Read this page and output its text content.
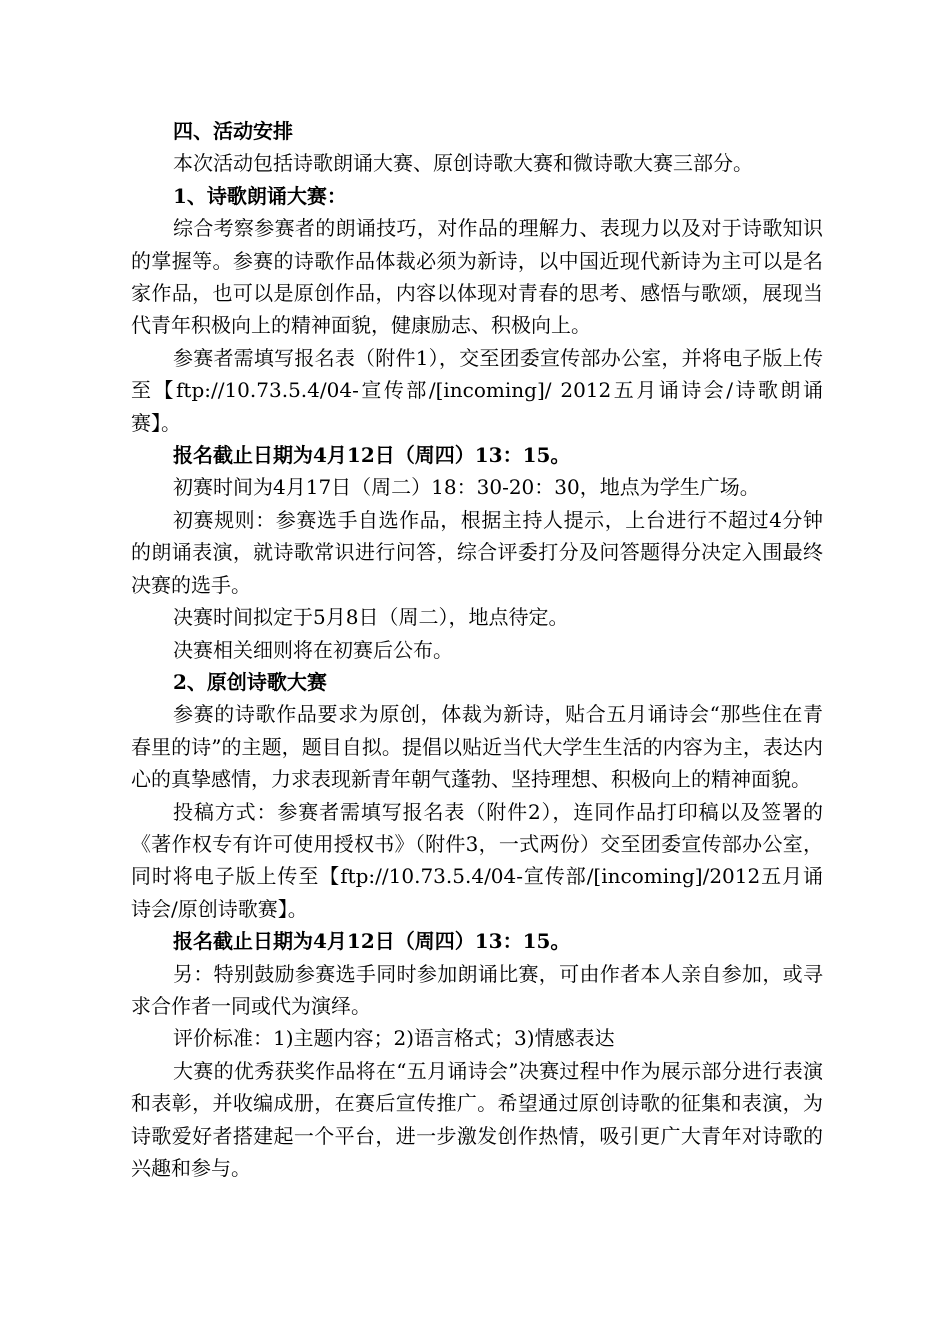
四、活动安排

本次活动包括诗歌朗诵大赛、原创诗歌大赛和微诗歌大赛三部分。

1、诗歌朗诵大赛：

综合考察参赛者的朗诵技巧，对作品的理解力、表现力以及对于诗歌知识的掌握等。参赛的诗歌作品体裁必须为新诗，以中国近现代新诗为主可以是名家作品，也可以是原创作品，内容以体现对青春的思考、感悟与歌颂，展现当代青年积极向上的精神面貌，健康励志、积极向上。

参赛者需填写报名表（附件1），交至团委宣传部办公室，并将电子版上传至【ftp://10.73.5.4/04-宣传部/[incoming]/ 2012五月诵诗会/诗歌朗诵赛】。

报名截止日期为4月12日（周四）13：15。

初赛时间为4月17日（周二）18：30-20：30，地点为学生广场。

初赛规则：参赛选手自选作品，根据主持人提示，上台进行不超过4分钟的朗诵表演，就诗歌常识进行问答，综合评委打分及问答题得分决定入围最终决赛的选手。

决赛时间拟定于5月8日（周二），地点待定。

决赛相关细则将在初赛后公布。

2、原创诗歌大赛

参赛的诗歌作品要求为原创，体裁为新诗，贴合五月诵诗会“那些住在青春里的诗”的主题，题目自拟。提倡以贴近当代大学生生活的内容为主，表达内心的真挚感情，力求表现新青年朝气蓬勃、坚持理想、积极向上的精神面貌。

投稿方式：参赛者需填写报名表（附件2），连同作品打印稿以及签署的《著作权专有许可使用授权书》（附件3，一式两份）交至团委宣传部办公室，同时将电子版上传至【ftp://10.73.5.4/04-宣传部/[incoming]/2012五月诵诗会/原创诗歌赛】。

报名截止日期为4月12日（周四）13：15。

另：特别鼓励参赛选手同时参加朗诵比赛，可由作者本人亲自参加，或寻求合作者一同或代为演绎。

评价标准：1)主题内容；2)语言格式；3)情感表达

大赛的优秀获奖作品将在“五月诵诗会”决赛过程中作为展示部分进行表演和表彰，并收编成册，在赛后宣传推广。希望通过原创诗歌的征集和表演，为诗歌爱好者搭建起一个平台，进一步激发创作热情，吸引更广大青年对诗歌的兴趣和参与。
